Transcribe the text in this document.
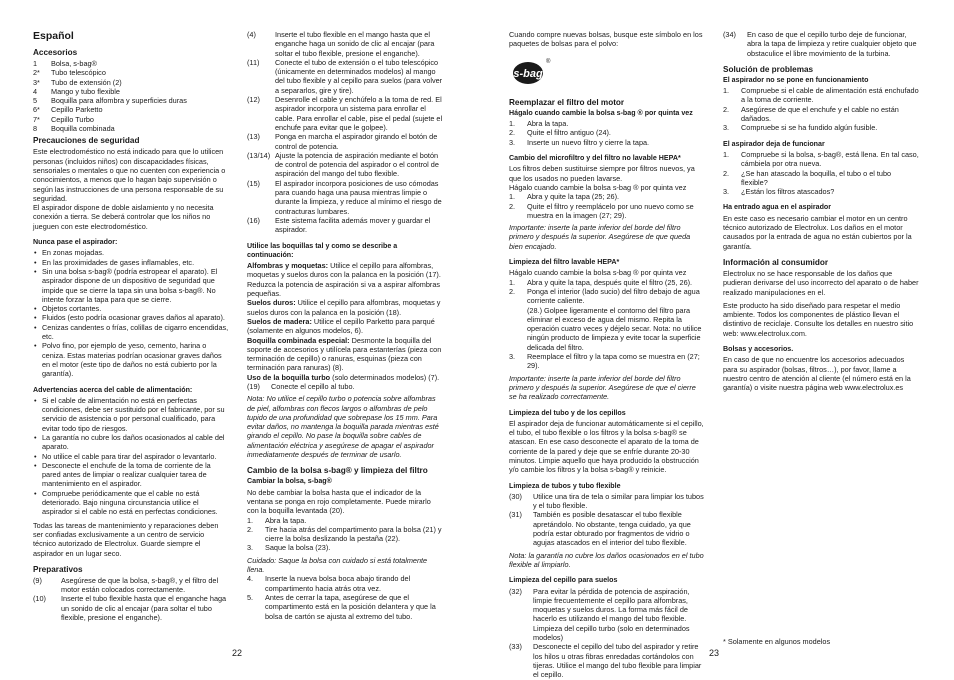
Español

Accesorios

1	Bolsa, s-bag®
2*	Tubo telescópico
3*	Tubo de extensión (2)
4	Mango y tubo flexible
5	Boquilla para alfombra y superficies duras
6*	Cepillo Parketto
7*	Cepillo Turbo
8	Boquilla combinada

Precauciones de seguridad

Este electrodoméstico no está indicado para que lo utilicen personas (incluidos niños) con discapacidades físicas, sensoriales o mentales o que no cuenten con experiencia o conocimientos, a menos que lo hagan bajo supervisión o según las instrucciones de una persona responsable de su seguridad.

El aspirador dispone de doble aislamiento y no necesita conexión a tierra. Se deberá controlar que los niños no jueguen con este electrodoméstico.

Nunca pase el aspirador:

• En zonas mojadas.
• En las proximidades de gases inflamables, etc.
• Sin una bolsa s-bag® (podría estropear el aparato). El aspirador dispone de un dispositivo de seguridad que impide que se cierre la tapa sin una bolsa s-bag®. No intente forzar la tapa para que se cierre.
• Objetos cortantes.
• Fluidos (esto podría ocasionar graves daños al aparato).
• Cenizas candentes o frías, colillas de cigarro encendidas, etc.
• Polvo fino, por ejemplo de yeso, cemento, harina o ceniza. Estas materias podrían ocasionar graves daños en el motor (este tipo de daños no está cubierto por la garantía).

Advertencias acerca del cable de alimentación:

• Si el cable de alimentación no está en perfectas condiciones, debe ser sustituido por el fabricante, por su servicio de asistencia o por personal cualificado, para evitar todo tipo de riesgos.
• La garantía no cubre los daños ocasionados al cable del aparato.
• No utilice el cable para tirar del aspirador o levantarlo.
• Desconecte el enchufe de la toma de corriente de la pared antes de limpiar o realizar cualquier tarea de mantenimiento en el aspirador.
• Compruebe periódicamente que el cable no está deteriorado. Bajo ninguna circunstancia utilice el aspirador si el cable no está en perfectas condiciones.

Todas las tareas de mantenimiento y reparaciones deben ser confiadas exclusivamente a un centro de servicio técnico autorizado de Electrolux. Guarde siempre el aspirador en un lugar seco.

Preparativos

(9)	Asegúrese de que la bolsa, s-bag®, y el filtro del motor están colocados correctamente.
(10)	Inserte el tubo flexible hasta que el enganche haga un sonido de clic al encajar (para soltar el tubo flexible, presione el enganche).
(4)	Inserte el tubo flexible en el mango hasta que el enganche haga un sonido de clic al encajar (para soltar el tubo flexible, presione el enganche).
(11)	Conecte el tubo de extensión o el tubo telescópico (únicamente en determinados modelos) al mango del tubo flexible y al cepillo para suelos (para volver a separarlos, gire y tire).
(12)	Desenrolle el cable y enchúfelo a la toma de red. El aspirador incorpora un sistema para enrollar el cable. Para enrollar el cable, pise el pedal (sujete el enchufe para evitar que le golpee).
(13)	Ponga en marcha el aspirador girando el botón de control de potencia.
(13/14) Ajuste la potencia de aspiración mediante el botón de control de potencia del aspirador o el control de aspiración del mango del tubo flexible.
(15)	El aspirador incorpora posiciones de uso cómodas para cuando haga una pausa mientras limpie o durante la limpieza, y reduce al mínimo el riesgo de contracturas lumbares.
(16)	Este sistema facilita además mover y guardar el aspirador.

Utilice las boquillas tal y como se describe a continuación:

Alfombras y moquetas: Utilice el cepillo para alfombras, moquetas y suelos duros con la palanca en la posición (17). Reduzca la potencia de aspiración si va a aspirar alfombras pequeñas.

Suelos duros: Utilice el cepillo para alfombras, moquetas y suelos duros con la palanca en la posición (18).

Suelos de madera: Utilice el cepillo Parketto para parqué (solamente en algunos modelos, 6).

Boquilla combinada especial: Desmonte la boquilla del soporte de accesorios y utilícela para estanterías (pieza con terminación de cepillo) o ranuras, esquinas (pieza con terminación para ranuras) (8).

Uso de la boquilla turbo (solo determinados modelos) (7).

(19)	Conecte el cepillo al tubo.

Nota: No utilice el cepillo turbo o potencia sobre alfombras de piel, alfombras con flecos largos o alfombras de pelo tupido de una profundidad que sobrepase los 15 mm. Para evitar daños, no mantenga la boquilla parada mientras esté girando el cepillo. No pase la boquilla sobre cables de alimentación eléctrica y asegúrese de apagar el aspirador inmediatamente después de terminar de usarlo.

Cambio de la bolsa s-bag® y limpieza del filtro

Cambiar la bolsa, s-bag®

No debe cambiar la bolsa hasta que el indicador de la ventana se ponga en rojo completamente. Puede mirarlo con la boquilla levantada (20).

1.	Abra la tapa.
2.	Tire hacia atrás del compartimento para la bolsa (21) y cierre la bolsa deslizando la pestaña (22).
3.	Saque la bolsa (23).

Cuidado: Saque la bolsa con cuidado si está totalmente llena.

4.	Inserte la nueva bolsa boca abajo tirando del compartimento hacia atrás otra vez.
5.	Antes de cerrar la tapa, asegúrese de que el compartimento está en la posición delantera y que la bolsa de cartón se ajusta al extremo del tubo.
22

Cuando compre nuevas bolsas, busque este símbolo en los paquetes de bolsas para el polvo:

s-bag
®

Reemplazar el filtro del motor

Hágalo cuando cambie la bolsa s-bag ® por quinta vez

1.	Abra la tapa.
2.	Quite el filtro antiguo (24).
3.	Inserte un nuevo filtro y cierre la tapa.

Cambio del microfiltro y del filtro no lavable HEPA*

Los filtros deben sustituirse siempre por filtros nuevos, ya que los usados no pueden lavarse.

Hágalo cuando cambie la bolsa s-bag ® por quinta vez

1.	Abra y quite la tapa (25; 26).
2.	Quite el filtro y reemplácelo por uno nuevo como se muestra en la imagen (27; 29).

Importante: inserte la parte inferior del borde del filtro primero y después la superior. Asegúrese de que queda bien encajado.

Limpieza del filtro lavable HEPA*

Hágalo cuando cambie la bolsa s-bag ® por quinta vez

1.	Abra y quite la tapa, después quite el filtro (25, 26).
2.	Ponga el interior (lado sucio) del filtro debajo de agua corriente caliente.
(28.) Golpee ligeramente el contorno del filtro para eliminar el exceso de agua del mismo. Repita la operación cuatro veces y déjelo secar. Nota: no utilice ningún producto de limpieza y evite tocar la superficie delicada del filtro.
3.	Reemplace el filtro y la tapa como se muestra en (27; 29).

Importante: inserte la parte inferior del borde del filtro primero y después la superior. Asegúrese de que el cierre se ha realizado correctamente.

Limpieza del tubo y de los cepillos

El aspirador deja de funcionar automáticamente si el cepillo, el tubo, el tubo flexible o los filtros y la bolsa s-bag® se atascan. En ese caso desconecte el aparato de la toma de corriente de la pared y deje que se enfríe durante 20-30 minutos. Limpie aquello que haya producido la obstrucción y/o cambie los filtros y la bolsa s-bag® y reinicie.

Limpieza de tubos y tubo flexible

(30)	Utilice una tira de tela o similar para limpiar los tubos y el tubo flexible.
(31)	También es posible desatascar el tubo flexible apretándolo. No obstante, tenga cuidado, ya que podría estar obturado por fragmentos de vidrio o agujas atascados en el interior del tubo flexible.

Nota: la garantía no cubre los daños ocasionados en el tubo flexible al limpiarlo.

Limpieza del cepillo para suelos

(32)	Para evitar la pérdida de potencia de aspiración, limpie frecuentemente el cepillo para alfombras, moquetas y suelos duros. La forma más fácil de hacerlo es utilizando el mango del tubo flexible.
Limpieza del cepillo turbo (solo en determinados modelos)
(33)	Desconecte el cepillo del tubo del aspirador y retire los hilos u otras fibras enredadas cortándolos con tijeras. Utilice el mango del tubo flexible para limpiar el cepillo.
(34)	En caso de que el cepillo turbo deje de funcionar, abra la tapa de limpieza y retire cualquier objeto que obstaculice el libre movimiento de la turbina.

Solución de problemas

El aspirador no se pone en funcionamiento

1.	Compruebe si el cable de alimentación está enchufado a la toma de corriente.
2.	Asegúrese de que el enchufe y el cable no están dañados.
3.	Compruebe si se ha fundido algún fusible.

El aspirador deja de funcionar

1.	Compruebe si la bolsa, s-bag®, está llena. En tal caso, cámbiela por otra nueva.
2.	¿Se han atascado la boquilla, el tubo o el tubo flexible?
3.	¿Están los filtros atascados?

Ha entrado agua en el aspirador

En este caso es necesario cambiar el motor en un centro técnico autorizado de Electrolux. Los daños en el motor causados por la entrada de agua no están cubiertos por la garantía.

Información al consumidor

Electrolux no se hace responsable de los daños que pudieran derivarse del uso incorrecto del aparato o de haber realizado manipulaciones en el.

Este producto ha sido diseñado para respetar el medio ambiente. Todos los componentes de plástico llevan el distintivo de reciclaje. Consulte los detalles en nuestro sitio web: www.electrolux.com.

Bolsas y accesorios.

En caso de que no encuentre los accesorios adecuados para su aspirador (bolsas, filtros…), por favor, llame a nuestro centro de atención al cliente (el número está en la garantía) o visite nuestra página web www.electrolux.es

* Solamente en algunos modelos
23
